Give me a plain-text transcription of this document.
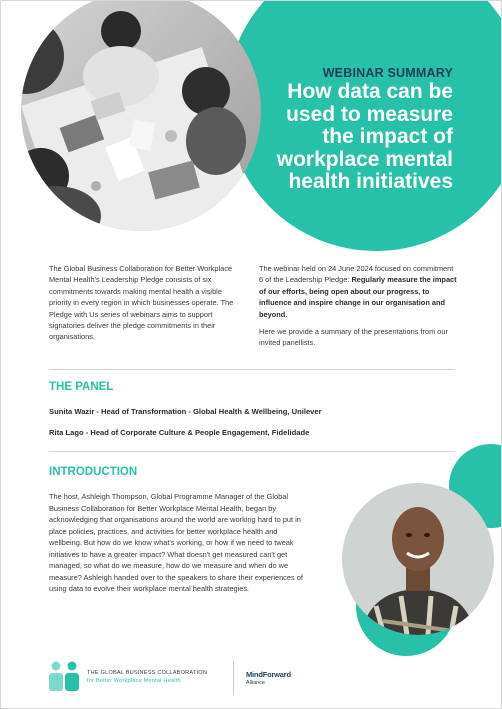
WEBINAR SUMMARY
How data can be
used to measure
the impact of
workplace mental
health initiatives
The Global Business Collaboration for Better Workplace Mental Health's Leadership Pledge consists of six commitments towards making mental health a visible priority in every region in which businesses operate. The Pledge with Us series of webinars aims to support signatories deliver the pledge commitments in their organisations.

The webinar held on 24 June 2024 focused on commitment 6 of the Leadership Pledge: Regularly measure the impact of our efforts, being open about our progress, to influence and inspire change in our organisation and beyond.

Here we provide a summary of the presentations from our invited panellists.

THE PANEL
Sunita Wazir - Head of Transformation - Global Health & Wellbeing, Unilever
Rita Lago - Head of Corporate Culture & People Engagement, Fidelidade
INTRODUCTION
The host, Ashleigh Thompson, Global Programme Manager of the Global Business Collaboration for Better Workplace Mental Health, began by acknowledging that organisations around the world are working hard to put in place policies, practices, and activities for better workplace health and wellbeing. But how do we know what's working, or how if we need to tweak initiatives to have a greater impact? What doesn't get measured can't get managed, so what do we measure, how do we measure and when do we measure? Ashleigh handed over to the speakers to share their experiences of using data to evolve their workplace mental health strategies.
THE GLOBAL BUSINESS COLLABORATION
for Better Workplace Mental Health
MindForward
Alliance
